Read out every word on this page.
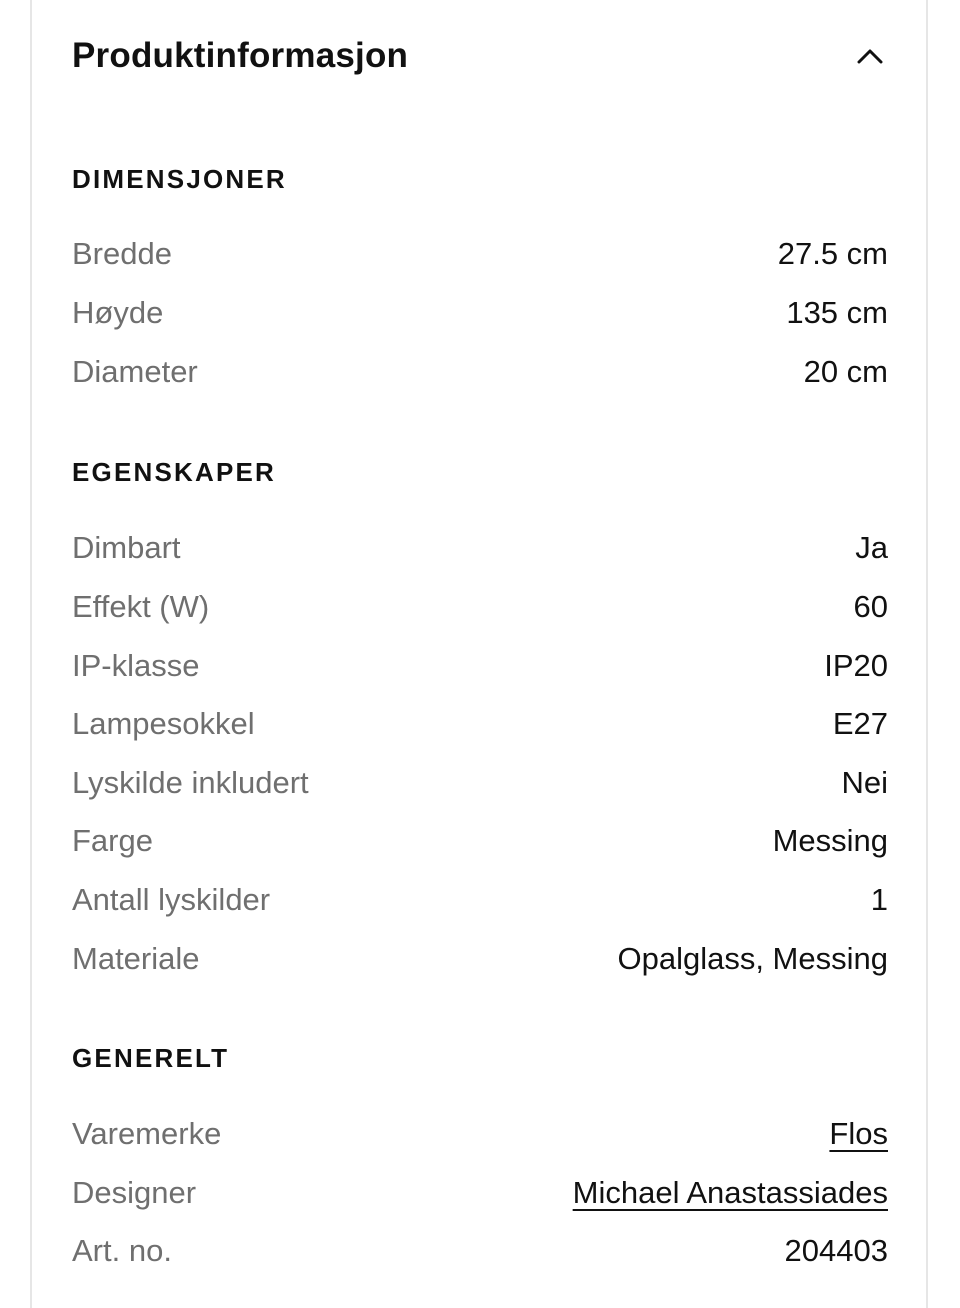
Produktinformasjon
DIMENSJONER
Bredde	27.5 cm
Høyde	135 cm
Diameter	20 cm
EGENSKAPER
Dimbart	Ja
Effekt (W)	60
IP-klasse	IP20
Lampesokkel	E27
Lyskilde inkludert	Nei
Farge	Messing
Antall lyskilder	1
Materiale	Opalglass, Messing
GENERELT
Varemerke	Flos
Designer	Michael Anastassiades
Art. no.	204403
